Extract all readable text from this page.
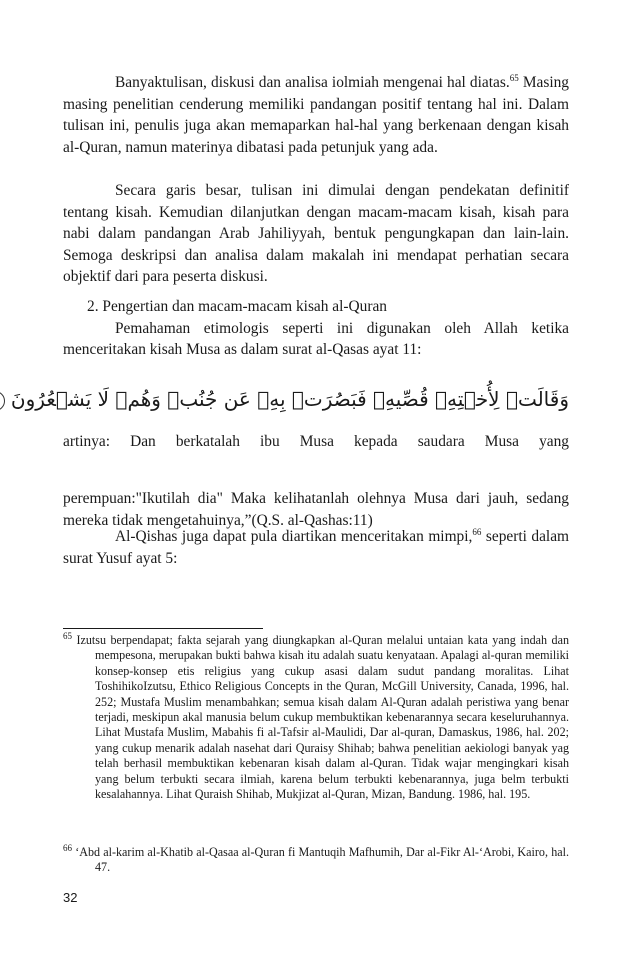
Banyaktulisan, diskusi dan analisa iolmiah mengenai hal diatas.$^{65}$ Masing masing penelitian cenderung memiliki pandangan positif tentang hal ini. Dalam tulisan ini, penulis juga akan memaparkan hal-hal yang berkenaan dengan kisah al-Quran, namun materinya dibatasi pada petunjuk yang ada.

Secara garis besar, tulisan ini dimulai dengan pendekatan definitif tentang kisah. Kemudian dilanjutkan dengan macam-macam kisah, kisah para nabi dalam pandangan Arab Jahiliyyah, bentuk pengungkapan dan lain-lain. Semoga deskripsi dan analisa dalam makalah ini mendapat perhatian secara objektif dari para peserta diskusi.

2. Pengertian dan macam-macam kisah al-Quran

Pemahaman etimologis seperti ini digunakan oleh Allah ketika menceritakan kisah Musa as dalam surat al-Qasas ayat 11:

وَقَالَتۡ لِأُخۡتِهِۦ قُصِّيهِۖ فَبَصُرَتۡ بِهِۦ عَن جُنُبٖ وَهُمۡ لَا يَشۡعُرُونَ

artinya: Dan berkatalah ibu Musa kepada saudara Musa yang

perempuan:"Ikutilah dia" Maka kelihatanlah olehnya Musa dari jauh, sedang mereka tidak mengetahuinya,”(Q.S. al-Qashas:11)

Al-Qishas juga dapat pula diartikan menceritakan mimpi,$^{66}$ seperti dalam surat Yusuf ayat 5:

$^{65}$ Izutsu berpendapat; fakta sejarah yang diungkapkan al-Quran melalui untaian kata yang indah dan mempesona, merupakan bukti bahwa kisah itu adalah suatu kenyataan. Apalagi al-quran memiliki konsep-konsep etis religius yang cukup asasi dalam sudut pandang moralitas. Lihat ToshihikoIzutsu, Ethico Religious Concepts in the Quran, McGill University, Canada, 1996, hal. 252; Mustafa Muslim menambahkan; semua kisah dalam Al-Quran adalah peristiwa yang benar terjadi, meskipun akal manusia belum cukup membuktikan kebenarannya secara keseluruhannya. Lihat Mustafa Muslim, Mabahis fi al-Tafsir al-Maulidi, Dar al-quran, Damaskus, 1986, hal. 202; yang cukup menarik adalah nasehat dari Quraisy Shihab; bahwa penelitian aekiologi banyak yag telah berhasil membuktikan kebenaran kisah dalam al-Quran. Tidak wajar mengingkari kisah yang belum terbukti secara ilmiah, karena belum terbukti kebenarannya, juga belm terbukti kesalahannya. Lihat Quraish Shihab, Mukjizat al-Quran, Mizan, Bandung. 1986, hal. 195.

$^{66}$ ‘Abd al-karim al-Khatib al-Qasaa al-Quran fi Mantuqih Mafhumih, Dar al-Fikr Al-‘Arobi, Kairo, hal. 47.

32
